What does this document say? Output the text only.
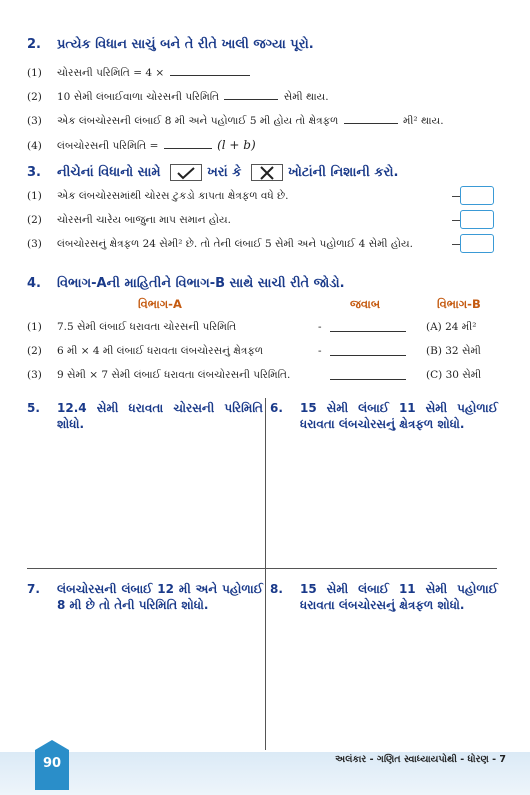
2. પ્રત્યેક વિધાન સાચું બને તે રીતે ખાલી જગ્યા પૂરો.
(1) ચોરસની પરિમિતિ = 4 ×
(2) 10 સેમી લંબાઈવાળા ચોરસની પરિમિતિ	સેમી થાય.
(3) એક લંબચોરસની લંબાઈ 8 મી અને પહોળાઈ 5 મી હોય તો ક્ષેત્રફળ	મી² થાય.
(4) લંબચોરસની પરિમિતિ =	(𝑙 + 𝑏)
3. નીચેનાં વિધાનો સામે	ખરાં કે	ખોટાંની નિશાની કરો.
(1) એક લંબચોરસમાંથી ચોરસ ટુકડો કાપતા ક્ષેત્રફળ વધે છે.
(2) ચોરસની ચારેય બાજુના માપ સમાન હોય.
(3) લંબચોરસનું ક્ષેત્રફળ 24 સેમી² છે. તો તેની લંબાઈ 5 સેમી અને પહોળાઈ 4 સેમી હોય.
4. વિભાગ-Aની માહિતીને વિભાગ-B સાથે સાચી રીતે જોડો.
વિભાગ-A	જવાબ	વિભાગ-B
(1) 7.5 સેમી લંબાઈ ધરાવતા ચોરસની પરિમિતિ	-	(A) 24 મી²
(2) 6 મી × 4 મી લંબાઈ ધરાવતા લંબચોરસનું ક્ષેત્રફળ	-	(B) 32 સેમી
(3) 9 સેમી × 7 સેમી લંબાઈ ધરાવતા લંબચોરસની પરિમિતિ.	(C) 30 સેમી
5. 12.4 સેમી ધરાવતા ચોરસની પરિમિતિ શોધો.
6. 15 સેમી લંબાઈ 11 સેમી પહોળાઈ ધરાવતા લંબચોરસનું ક્ષેત્રફળ શોધો.
7. લંબચોરસની લંબાઈ 12 મી અને પહોળાઈ 8 મી છે તો તેની પરિમિતિ શોધો.
8. 15 સેમી લંબાઈ 11 સેમી પહોળાઈ ધરાવતા લંબચોરસનું ક્ષેત્રફળ શોધો.
90	અલંકાર - ગણિત સ્વાધ્યાયપોથી - ધોરણ - 7
